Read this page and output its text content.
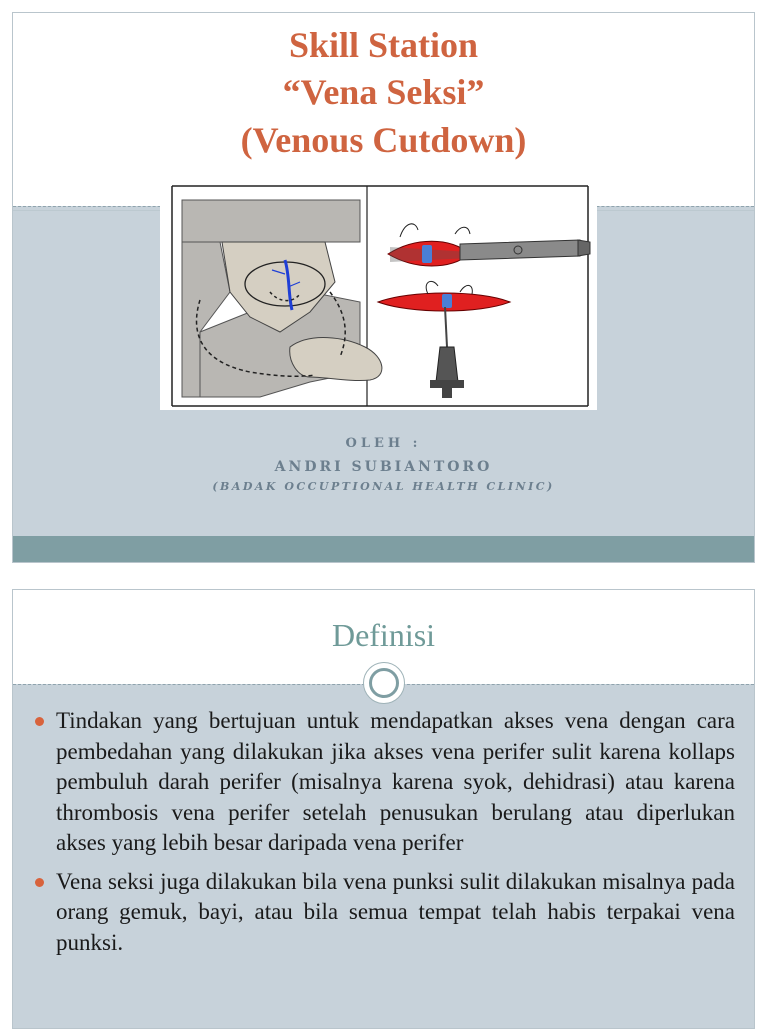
Skill Station
“Vena Seksi”
(Venous Cutdown)
OLEH :
ANDRI SUBIANTORO
(BADAK OCCUPTIONAL HEALTH CLINIC)
Definisi
Tindakan yang bertujuan untuk mendapatkan akses vena dengan cara pembedahan yang dilakukan jika akses vena perifer sulit karena kollaps pembuluh darah perifer (misalnya karena syok, dehidrasi) atau karena thrombosis vena perifer setelah penusukan berulang atau diperlukan akses yang lebih besar daripada vena perifer
Vena seksi juga dilakukan bila vena punksi sulit dilakukan misalnya pada orang gemuk, bayi, atau bila semua tempat telah habis terpakai vena punksi.
